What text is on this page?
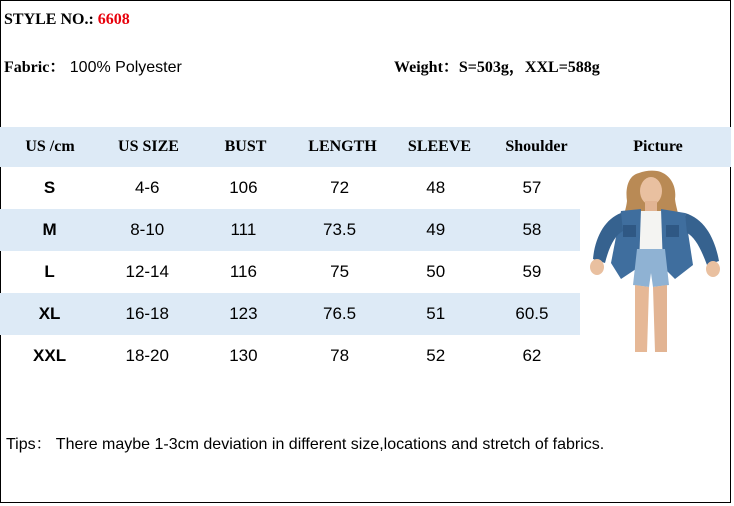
STYLE NO.: 6608
Fabric： 100% Polyester	Weight：S=503g，XXL=588g
US /cm	US SIZE	BUST	LENGTH	SLEEVE	Shoulder	Picture
S	4-6	106	72	48	57
M	8-10	111	73.5	49	58
L	12-14	116	75	50	59
XL	16-18	123	76.5	51	60.5
XXL	18-20	130	78	52	62
Tips： There maybe 1-3cm deviation in different size,locations and stretch of fabrics.
